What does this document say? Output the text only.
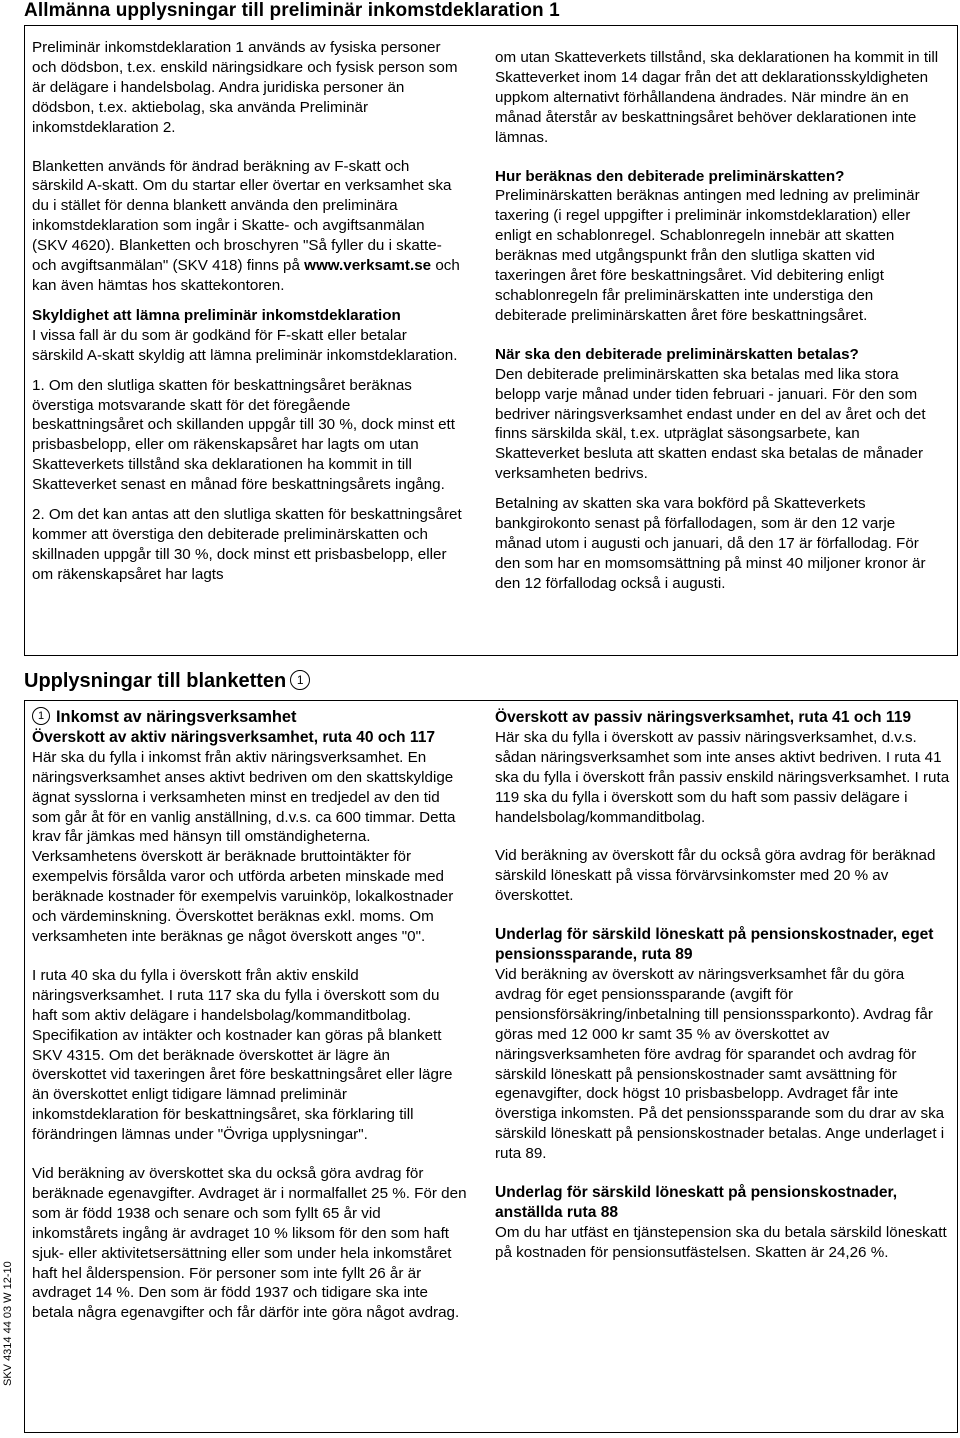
Allmänna upplysningar till preliminär inkomstdeklaration 1

Preliminär inkomstdeklaration 1 används av fysiska personer och dödsbon, t.ex. enskild näringsidkare och fysisk person som är delägare i handelsbolag. Andra juridiska personer än dödsbon, t.ex. aktiebolag, ska använda Preliminär inkomstdeklaration 2.

Blanketten används för ändrad beräkning av F-skatt och särskild A-skatt. Om du startar eller övertar en verksamhet ska du i stället för denna blankett använda den preliminära inkomstdeklaration som ingår i Skatte- och avgiftsanmälan (SKV 4620). Blanketten och broschyren "Så fyller du i skatte- och avgiftsanmälan" (SKV 418) finns på www.verksamt.se och kan även hämtas hos skattekontoren.

Skyldighet att lämna preliminär inkomstdeklaration

I vissa fall är du som är godkänd för F-skatt eller betalar särskild A-skatt skyldig att lämna preliminär inkomstdeklaration.

1. Om den slutliga skatten för beskattningsåret beräknas överstiga motsvarande skatt för det föregående beskattningsåret och skillanden uppgår till 30 %, dock minst ett prisbasbelopp, eller om räkenskapsåret har lagts om utan Skatteverkets tillstånd ska deklarationen ha kommit in till Skatteverket senast en månad före beskattningsårets ingång.

2. Om det kan antas att den slutliga skatten för beskattningsåret kommer att överstiga den debiterade preliminärskatten och skillnaden uppgår till 30 %, dock minst ett prisbasbelopp, eller om räkenskapsåret har lagts

om utan Skatteverkets tillstånd, ska deklarationen ha kommit in till Skatteverket inom 14 dagar från det att deklarationsskyldigheten uppkom alternativt förhållandena ändrades. När mindre än en månad återstår av beskattningsåret behöver deklarationen inte lämnas.

Hur beräknas den debiterade preliminärskatten?

Preliminärskatten beräknas antingen med ledning av preliminär taxering (i regel uppgifter i preliminär inkomstdeklaration) eller enligt en schablonregel. Schablonregeln innebär att skatten beräknas med utgångspunkt från den slutliga skatten vid taxeringen året före beskattningsåret. Vid debitering enligt schablonregeln får preliminärskatten inte understiga den debiterade preliminärskatten året före beskattningsåret.

När ska den debiterade preliminärskatten betalas?

Den debiterade preliminärskatten ska betalas med lika stora belopp varje månad under tiden februari - januari. För den som bedriver näringsverksamhet endast under en del av året och det finns särskilda skäl, t.ex. utpräglat säsongsarbete, kan Skatteverket besluta att skatten endast ska betalas de månader verksamheten bedrivs.

Betalning av skatten ska vara bokförd på Skatteverkets bankgirokonto senast på förfallodagen, som är den 12 varje månad utom i augusti och januari, då den 17 är förfallodag. För den som har en momsomsättning på minst 40 miljoner kronor är den 12 förfallodag också i augusti.

Upplysningar till blanketten 1

1 Inkomst av näringsverksamhet

Överskott av aktiv näringsverksamhet, ruta 40 och 117

Här ska du fylla i inkomst från aktiv näringsverksamhet. En näringsverksamhet anses aktivt bedriven om den skattskyldige ägnat sysslorna i verksamheten minst en tredjedel av den tid som går åt för en vanlig anställning, d.v.s. ca 600 timmar. Detta krav får jämkas med hänsyn till omständigheterna. Verksamhetens överskott är beräknade bruttointäkter för exempelvis försålda varor och utförda arbeten minskade med beräknade kostnader för exempelvis varuinköp, lokalkostnader och värdeminskning. Överskottet beräknas exkl. moms. Om verksamheten inte beräknas ge något överskott anges "0".

I ruta 40 ska du fylla i överskott från aktiv enskild näringsverksamhet. I ruta 117 ska du fylla i överskott som du haft som aktiv delägare i handelsbolag/kommanditbolag. Specifikation av intäkter och kostnader kan göras på blankett SKV 4315. Om det beräknade överskottet är lägre än överskottet vid taxeringen året före beskattningsåret eller lägre än överskottet enligt tidigare lämnad preliminär inkomstdeklaration för beskattningsåret, ska förklaring till förändringen lämnas under "Övriga upplysningar".

Vid beräkning av överskottet ska du också göra avdrag för beräknade egenavgifter. Avdraget är i normalfallet 25 %. För den som är född 1938 och senare och som fyllt 65 år vid inkomstårets ingång är avdraget 10 % liksom för den som haft sjuk- eller aktivitetsersättning eller som under hela inkomståret haft hel ålderspension. För personer som inte fyllt 26 år är avdraget 14 %. Den som är född 1937 och tidigare ska inte betala några egenavgifter och får därför inte göra något avdrag.

Överskott av passiv näringsverksamhet, ruta 41 och 119

Här ska du fylla i överskott av passiv näringsverksamhet, d.v.s. sådan näringsverksamhet som inte anses aktivt bedriven. I ruta 41 ska du fylla i överskott från passiv enskild näringsverksamhet. I ruta 119 ska du fylla i överskott som du haft som passiv delägare i handelsbolag/kommanditbolag.

Vid beräkning av överskott får du också göra avdrag för beräknad särskild löneskatt på vissa förvärvsinkomster med 20 % av överskottet.

Underlag för särskild löneskatt på pensionskostnader, eget pensionssparande, ruta 89

Vid beräkning av överskott av näringsverksamhet får du göra avdrag för eget pensionssparande (avgift för pensionsförsäkring/inbetalning till pensionssparkonto). Avdrag får göras med 12 000 kr samt 35 % av överskottet av näringsverksamheten före avdrag för sparandet och avdrag för särskild löneskatt på pensionskostnader samt avsättning för egenavgifter, dock högst 10 prisbasbelopp. Avdraget får inte överstiga inkomsten. På det pensionssparande som du drar av ska särskild löneskatt på pensionskostnader betalas. Ange underlaget i ruta 89.

Underlag för särskild löneskatt på pensionskostnader, anställda ruta 88

Om du har utfäst en tjänstepension ska du betala särskild löneskatt på kostnaden för pensionsutfästelsen. Skatten är 24,26 %.

SKV 4314 44 03 W 12-10
